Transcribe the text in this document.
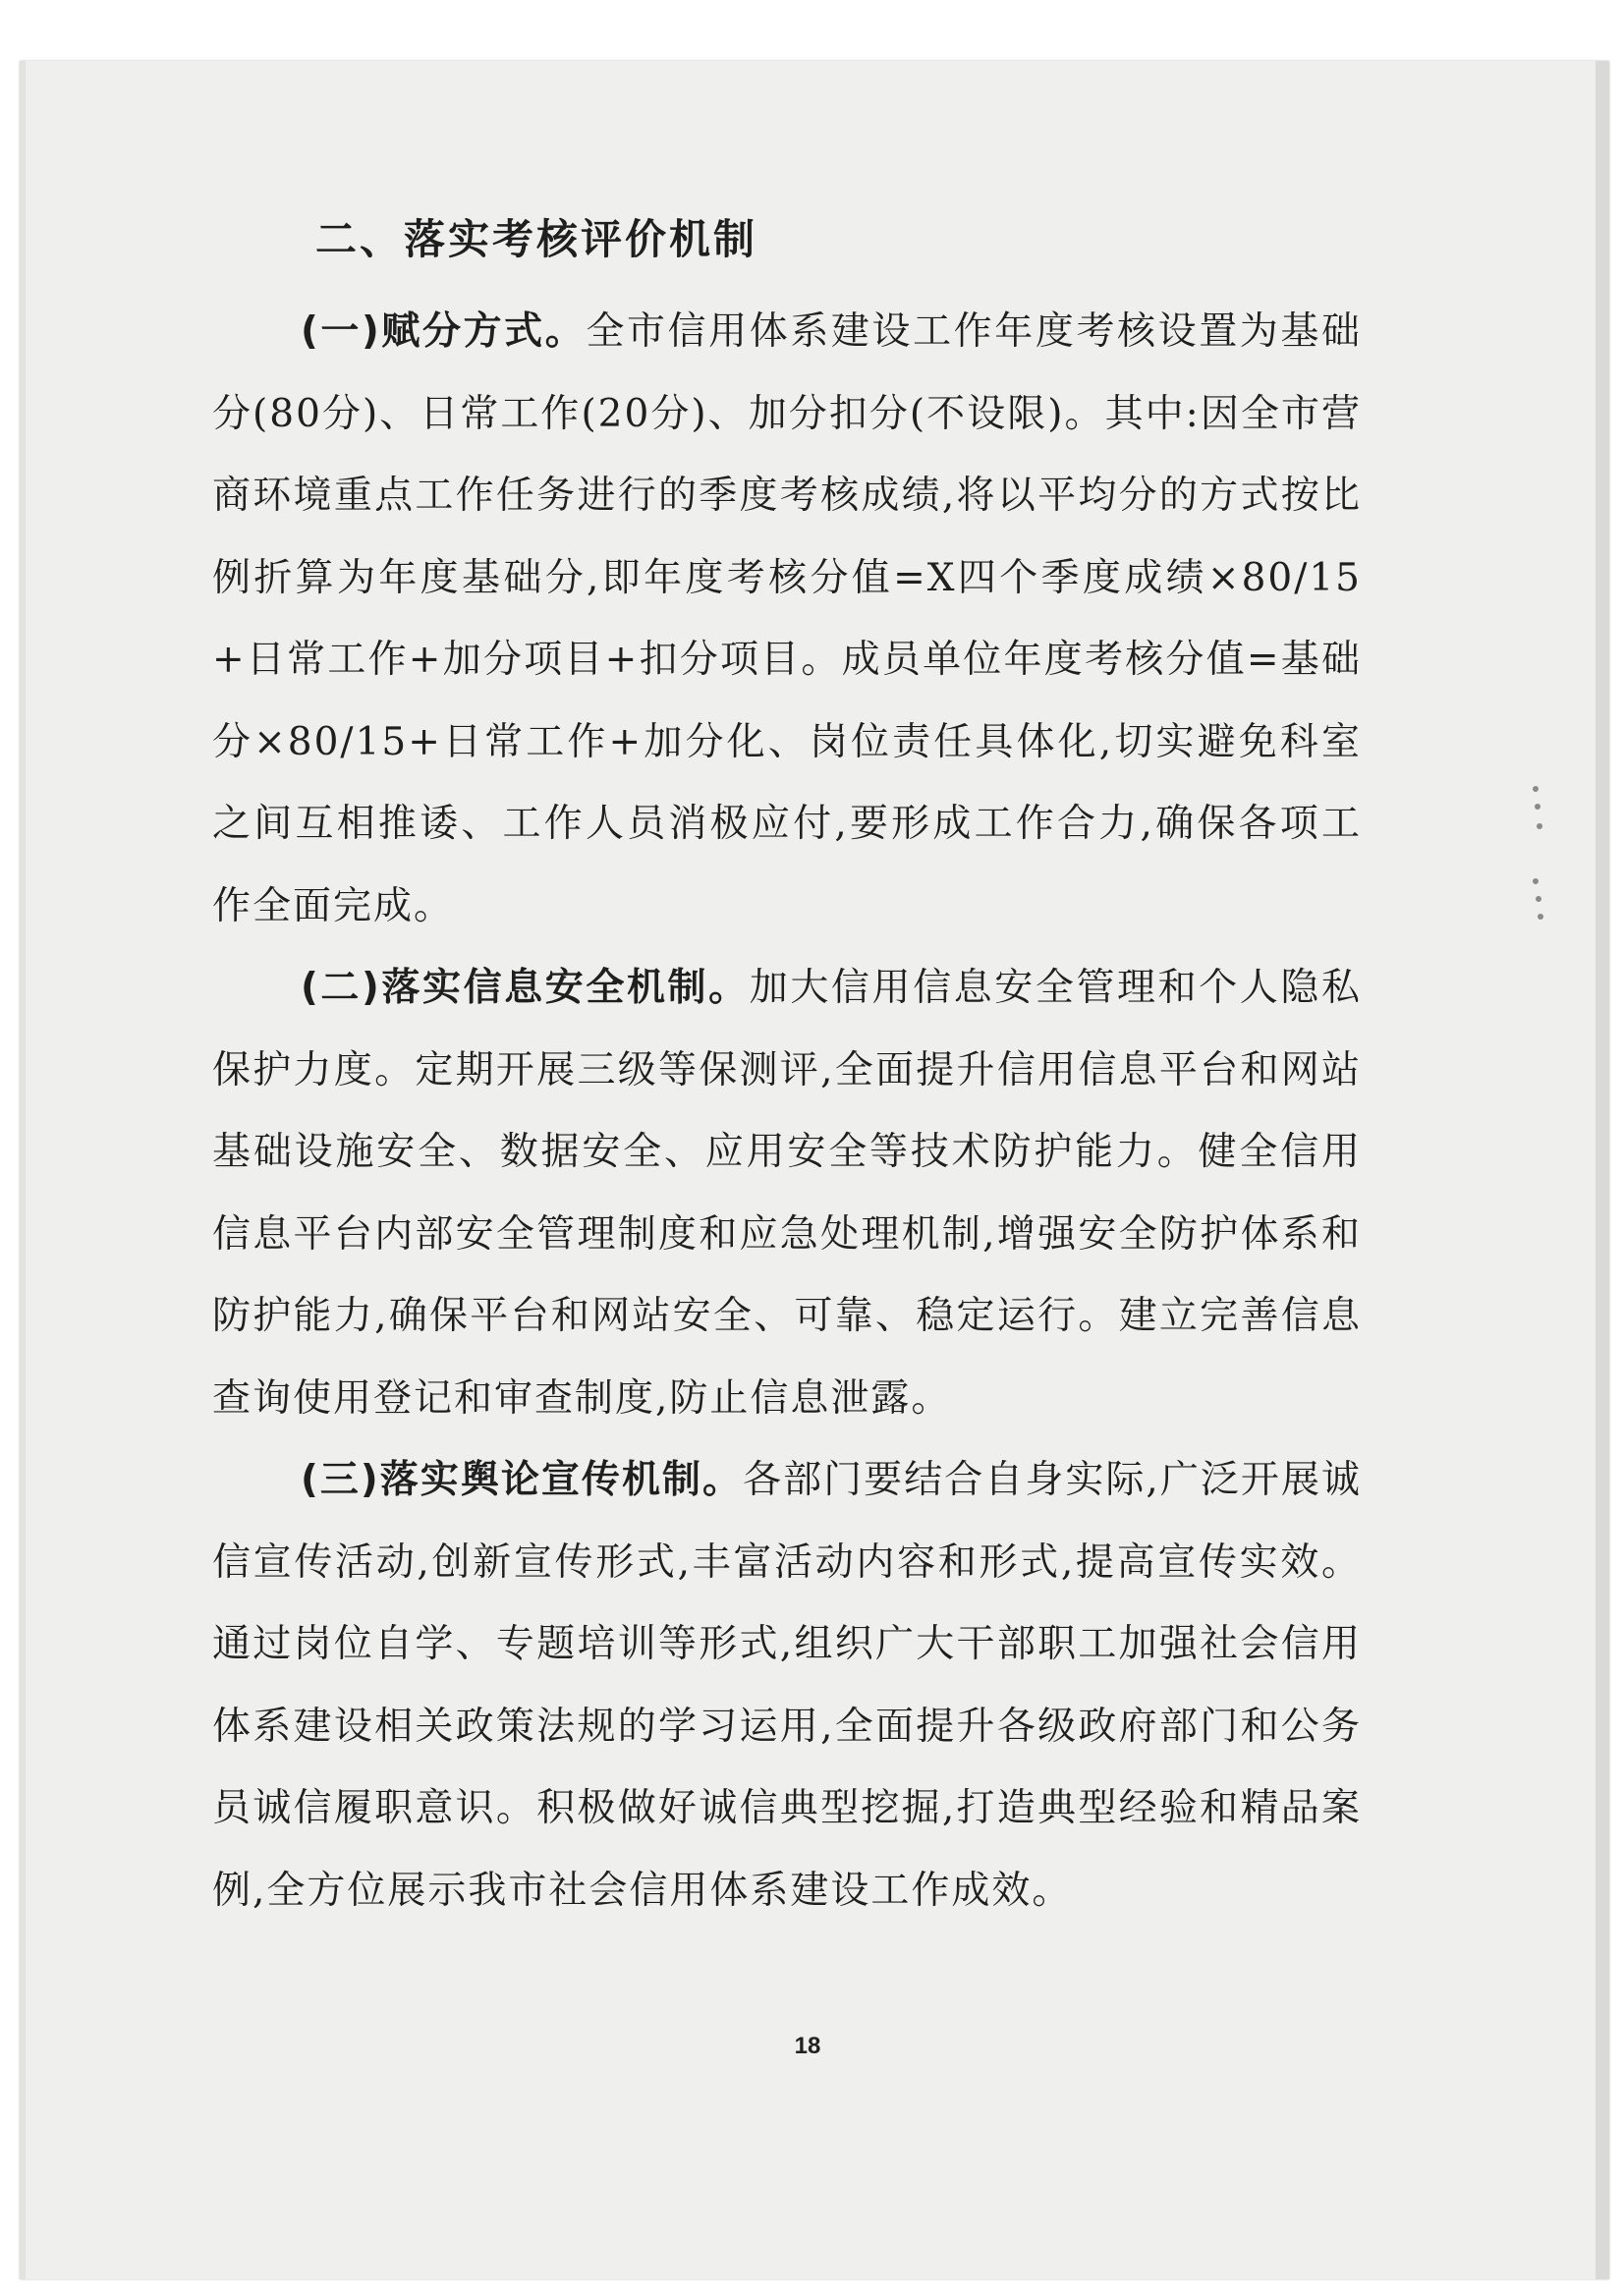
二、落实考核评价机制

(一)赋分方式。全市信用体系建设工作年度考核设置为基础分(80分)、日常工作(20分)、加分扣分(不设限)。其中:因全市营商环境重点工作任务进行的季度考核成绩,将以平均分的方式按比例折算为年度基础分,即年度考核分值=X四个季度成绩×80/15+日常工作+加分项目+扣分项目。成员单位年度考核分值=基础分×80/15+日常工作+加分化、岗位责任具体化,切实避免科室之间互相推诿、工作人员消极应付,要形成工作合力,确保各项工作全面完成。

(二)落实信息安全机制。加大信用信息安全管理和个人隐私保护力度。定期开展三级等保测评,全面提升信用信息平台和网站基础设施安全、数据安全、应用安全等技术防护能力。健全信用信息平台内部安全管理制度和应急处理机制,增强安全防护体系和防护能力,确保平台和网站安全、可靠、稳定运行。建立完善信息查询使用登记和审查制度,防止信息泄露。

(三)落实舆论宣传机制。各部门要结合自身实际,广泛开展诚信宣传活动,创新宣传形式,丰富活动内容和形式,提高宣传实效。通过岗位自学、专题培训等形式,组织广大干部职工加强社会信用体系建设相关政策法规的学习运用,全面提升各级政府部门和公务员诚信履职意识。积极做好诚信典型挖掘,打造典型经验和精品案例,全方位展示我市社会信用体系建设工作成效。

18
